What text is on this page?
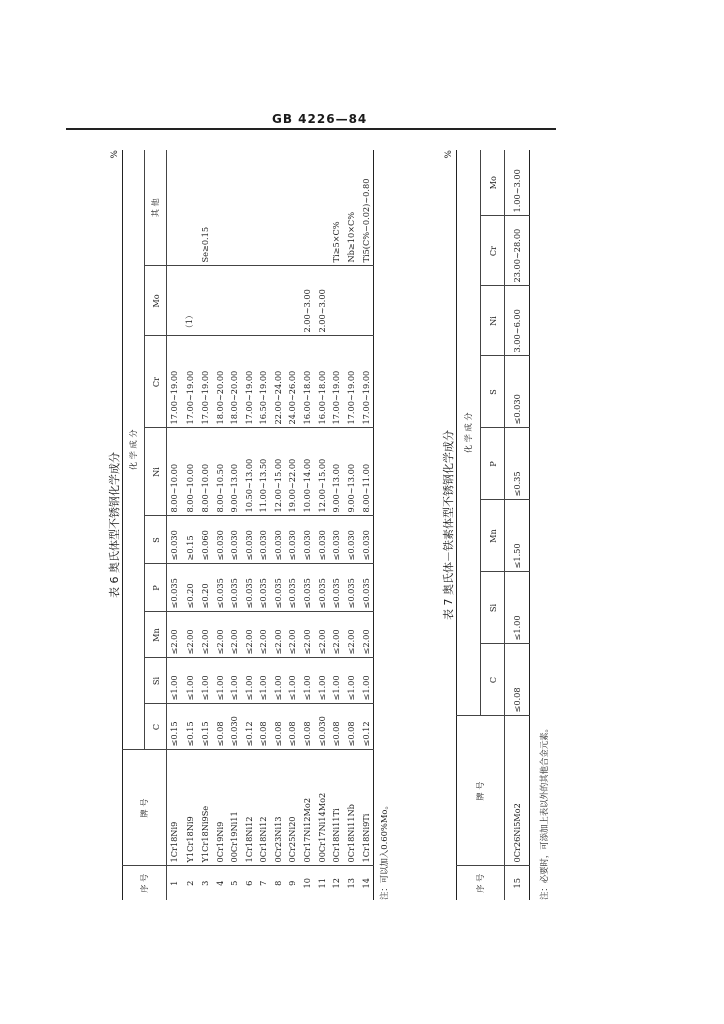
GB 4226—84
表 6 奥氏体型不锈钢化学成分
%
序 号	牌 号	化 学 成 分								
		C	Si	Mn	P	S	Ni	Cr	Mo	其 他
1	1Cr18Ni9	≤0.15	≤1.00	≤2.00	≤0.035	≤0.030	8.00~10.00	17.00~19.00		
2	Y1Cr18Ni9	≤0.15	≤1.00	≤2.00	≤0.20	≥0.15	8.00~10.00	17.00~19.00	（1）	
3	Y1Cr18Ni9Se	≤0.15	≤1.00	≤2.00	≤0.20	≤0.060	8.00~10.00	17.00~19.00		Se≥0.15
4	0Cr19Ni9	≤0.08	≤1.00	≤2.00	≤0.035	≤0.030	8.00~10.50	18.00~20.00		
5	00Cr19Ni11	≤0.030	≤1.00	≤2.00	≤0.035	≤0.030	9.00~13.00	18.00~20.00		
6	1Cr18Ni12	≤0.12	≤1.00	≤2.00	≤0.035	≤0.030	10.50~13.00	17.00~19.00		
7	0Cr18Ni12	≤0.08	≤1.00	≤2.00	≤0.035	≤0.030	11.00~13.50	16.50~19.00		
8	0Cr23Ni13	≤0.08	≤1.00	≤2.00	≤0.035	≤0.030	12.00~15.00	22.00~24.00		
9	0Cr25Ni20	≤0.08	≤1.00	≤2.00	≤0.035	≤0.030	19.00~22.00	24.00~26.00		
10	0Cr17Ni12Mo2	≤0.08	≤1.00	≤2.00	≤0.035	≤0.030	10.00~14.00	16.00~18.00	2.00~3.00	
11	00Cr17Ni14Mo2	≤0.030	≤1.00	≤2.00	≤0.035	≤0.030	12.00~15.00	16.00~18.00	2.00~3.00	
12	0Cr18Ni11Ti	≤0.08	≤1.00	≤2.00	≤0.035	≤0.030	9.00~13.00	17.00~19.00		Ti≥5×C%
13	0Cr18Ni11Nb	≤0.08	≤1.00	≤2.00	≤0.035	≤0.030	9.00~13.00	17.00~19.00		Nb≥10×C%
14	1Cr18Ni9Ti	≤0.12	≤1.00	≤2.00	≤0.035	≤0.030	8.00~11.00	17.00~19.00		Ti5(C%−0.02)~0.80
注：可以加入0.60%Mo。
表 7 奥氏体－铁素体型不锈钢化学成分
%
序 号	牌 号	化 学 成 分							
		C	Si	Mn	P	S	Ni	Cr	Mo
15	0Cr26Ni5Mo2	≤0.08	≤1.00	≤1.50	≤0.35	≤0.030	3.00~6.00	23.00~28.00	1.00~3.00
注：必要时，可添加上表以外的其他合金元素。
